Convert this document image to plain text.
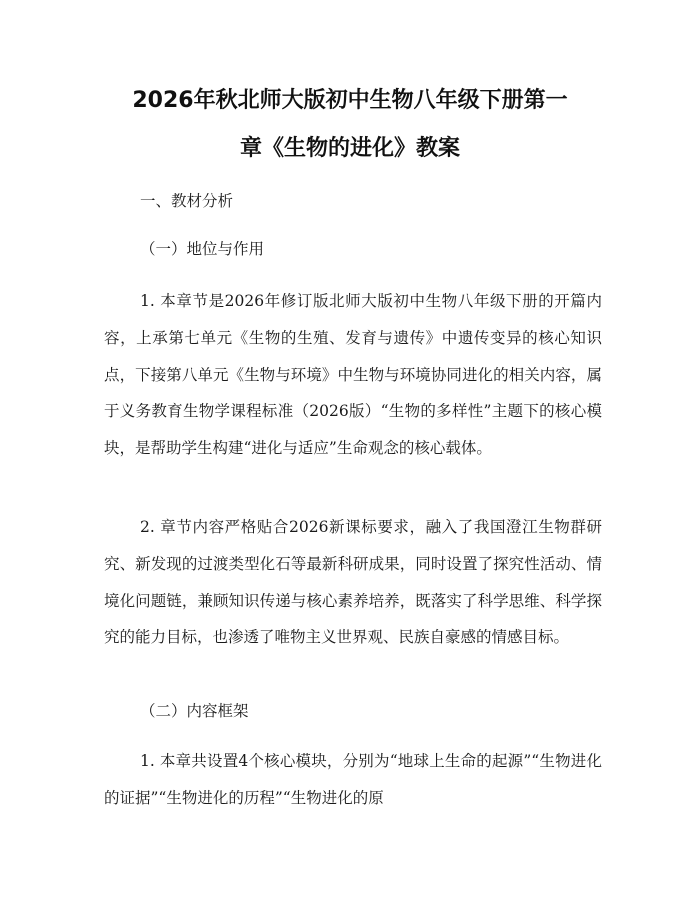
2026年秋北师大版初中生物八年级下册第一
章《生物的进化》教案
一、教材分析
（一）地位与作用
1. 本章节是2026年修订版北师大版初中生物八年级下册的开篇内容，上承第七单元《生物的生殖、发育与遗传》中遗传变异的核心知识点，下接第八单元《生物与环境》中生物与环境协同进化的相关内容，属于义务教育生物学课程标准（2026版）“生物的多样性”主题下的核心模块，是帮助学生构建“进化与适应”生命观念的核心载体。
2. 章节内容严格贴合2026新课标要求，融入了我国澄江生物群研究、新发现的过渡类型化石等最新科研成果，同时设置了探究性活动、情境化问题链，兼顾知识传递与核心素养培养，既落实了科学思维、科学探究的能力目标，也渗透了唯物主义世界观、民族自豪感的情感目标。
（二）内容框架
1. 本章共设置4个核心模块，分别为“地球上生命的起源”“生物进化的证据”“生物进化的历程”“生物进化的原
